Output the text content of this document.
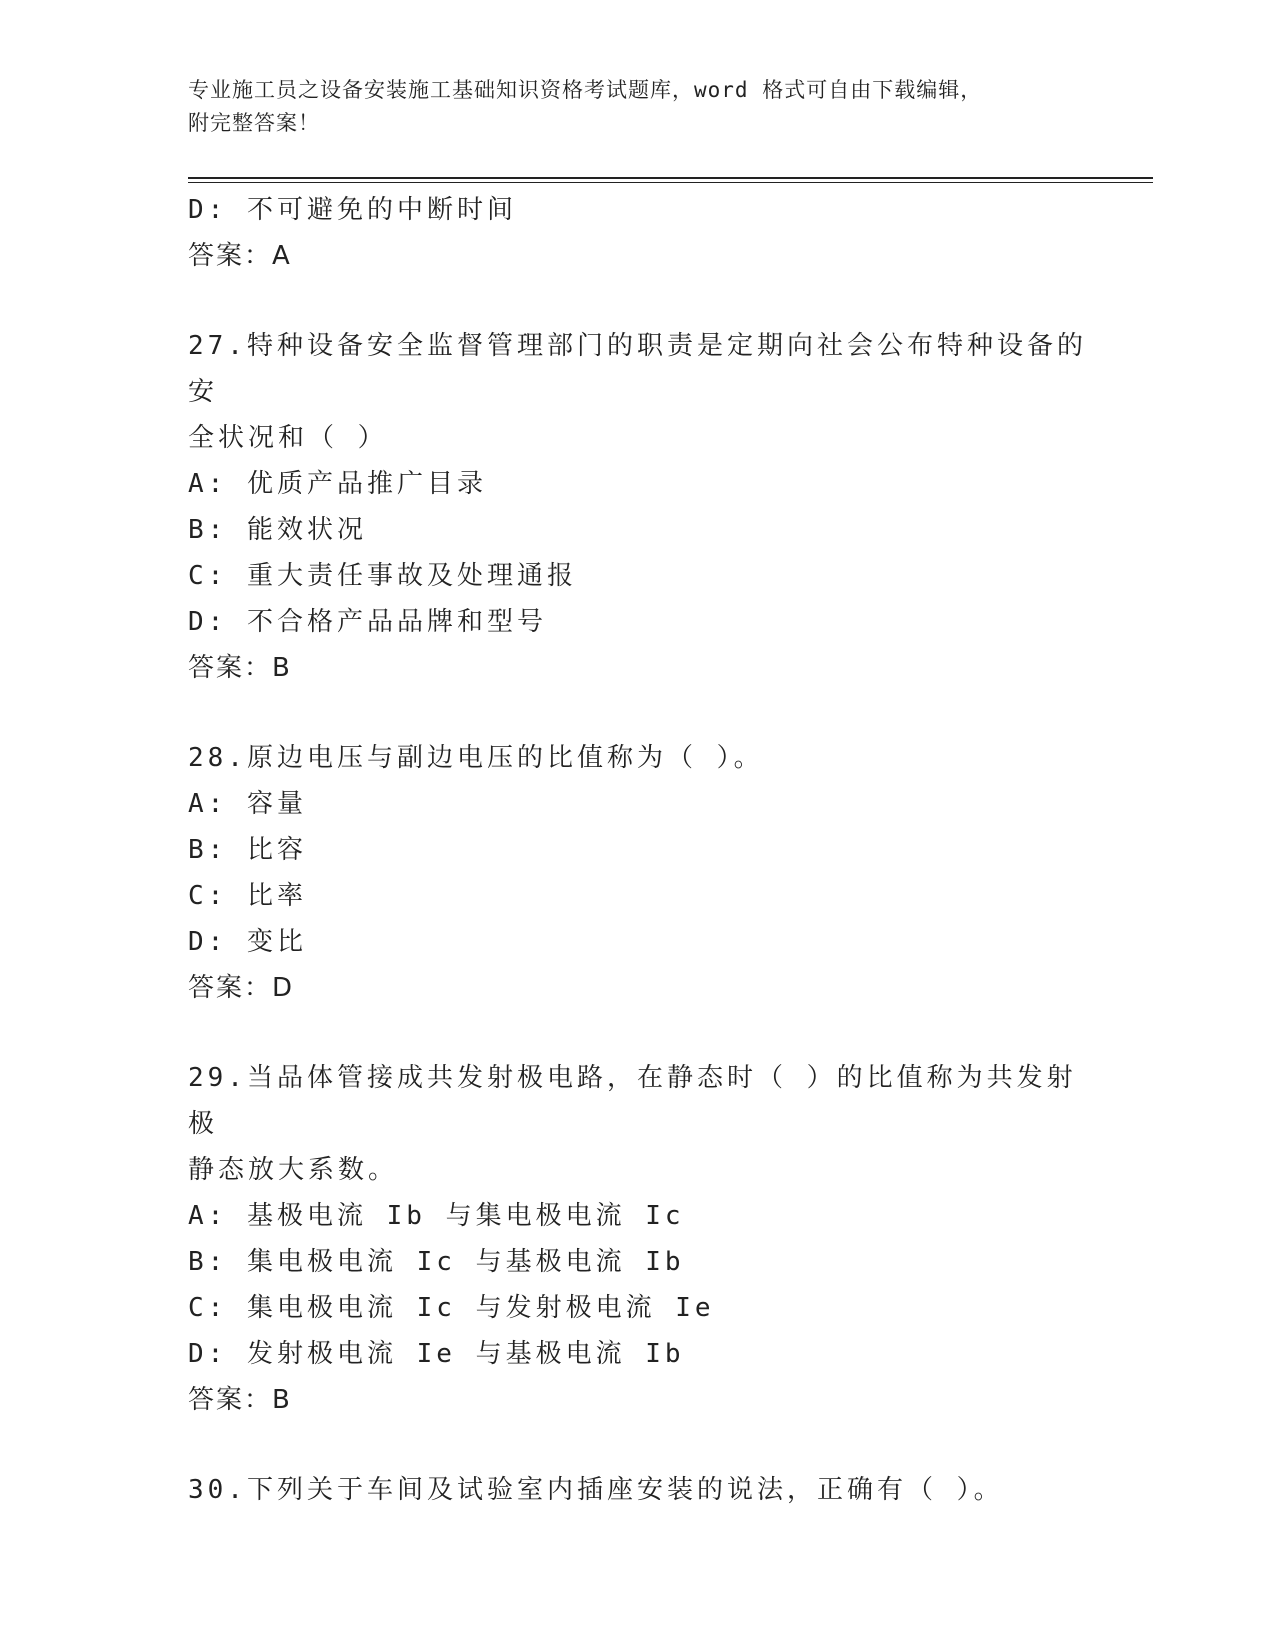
专业施工员之设备安装施工基础知识资格考试题库，word 格式可自由下载编辑，
附完整答案！
D: 不可避免的中断时间
答案：A
27.特种设备安全监督管理部门的职责是定期向社会公布特种设备的安
全状况和（ ）
A: 优质产品推广目录
B: 能效状况
C: 重大责任事故及处理通报
D: 不合格产品品牌和型号
答案：B
28.原边电压与副边电压的比值称为（ ）。
A: 容量
B: 比容
C: 比率
D: 变比
答案：D
29.当品体管接成共发射极电路，在静态时（ ）的比值称为共发射极
静态放大系数。
A: 基极电流 Ib 与集电极电流 Ic
B: 集电极电流 Ic 与基极电流 Ib
C: 集电极电流 Ic 与发射极电流 Ie
D: 发射极电流 Ie 与基极电流 Ib
答案：B
30.下列关于车间及试验室内插座安装的说法，正确有（ ）。
